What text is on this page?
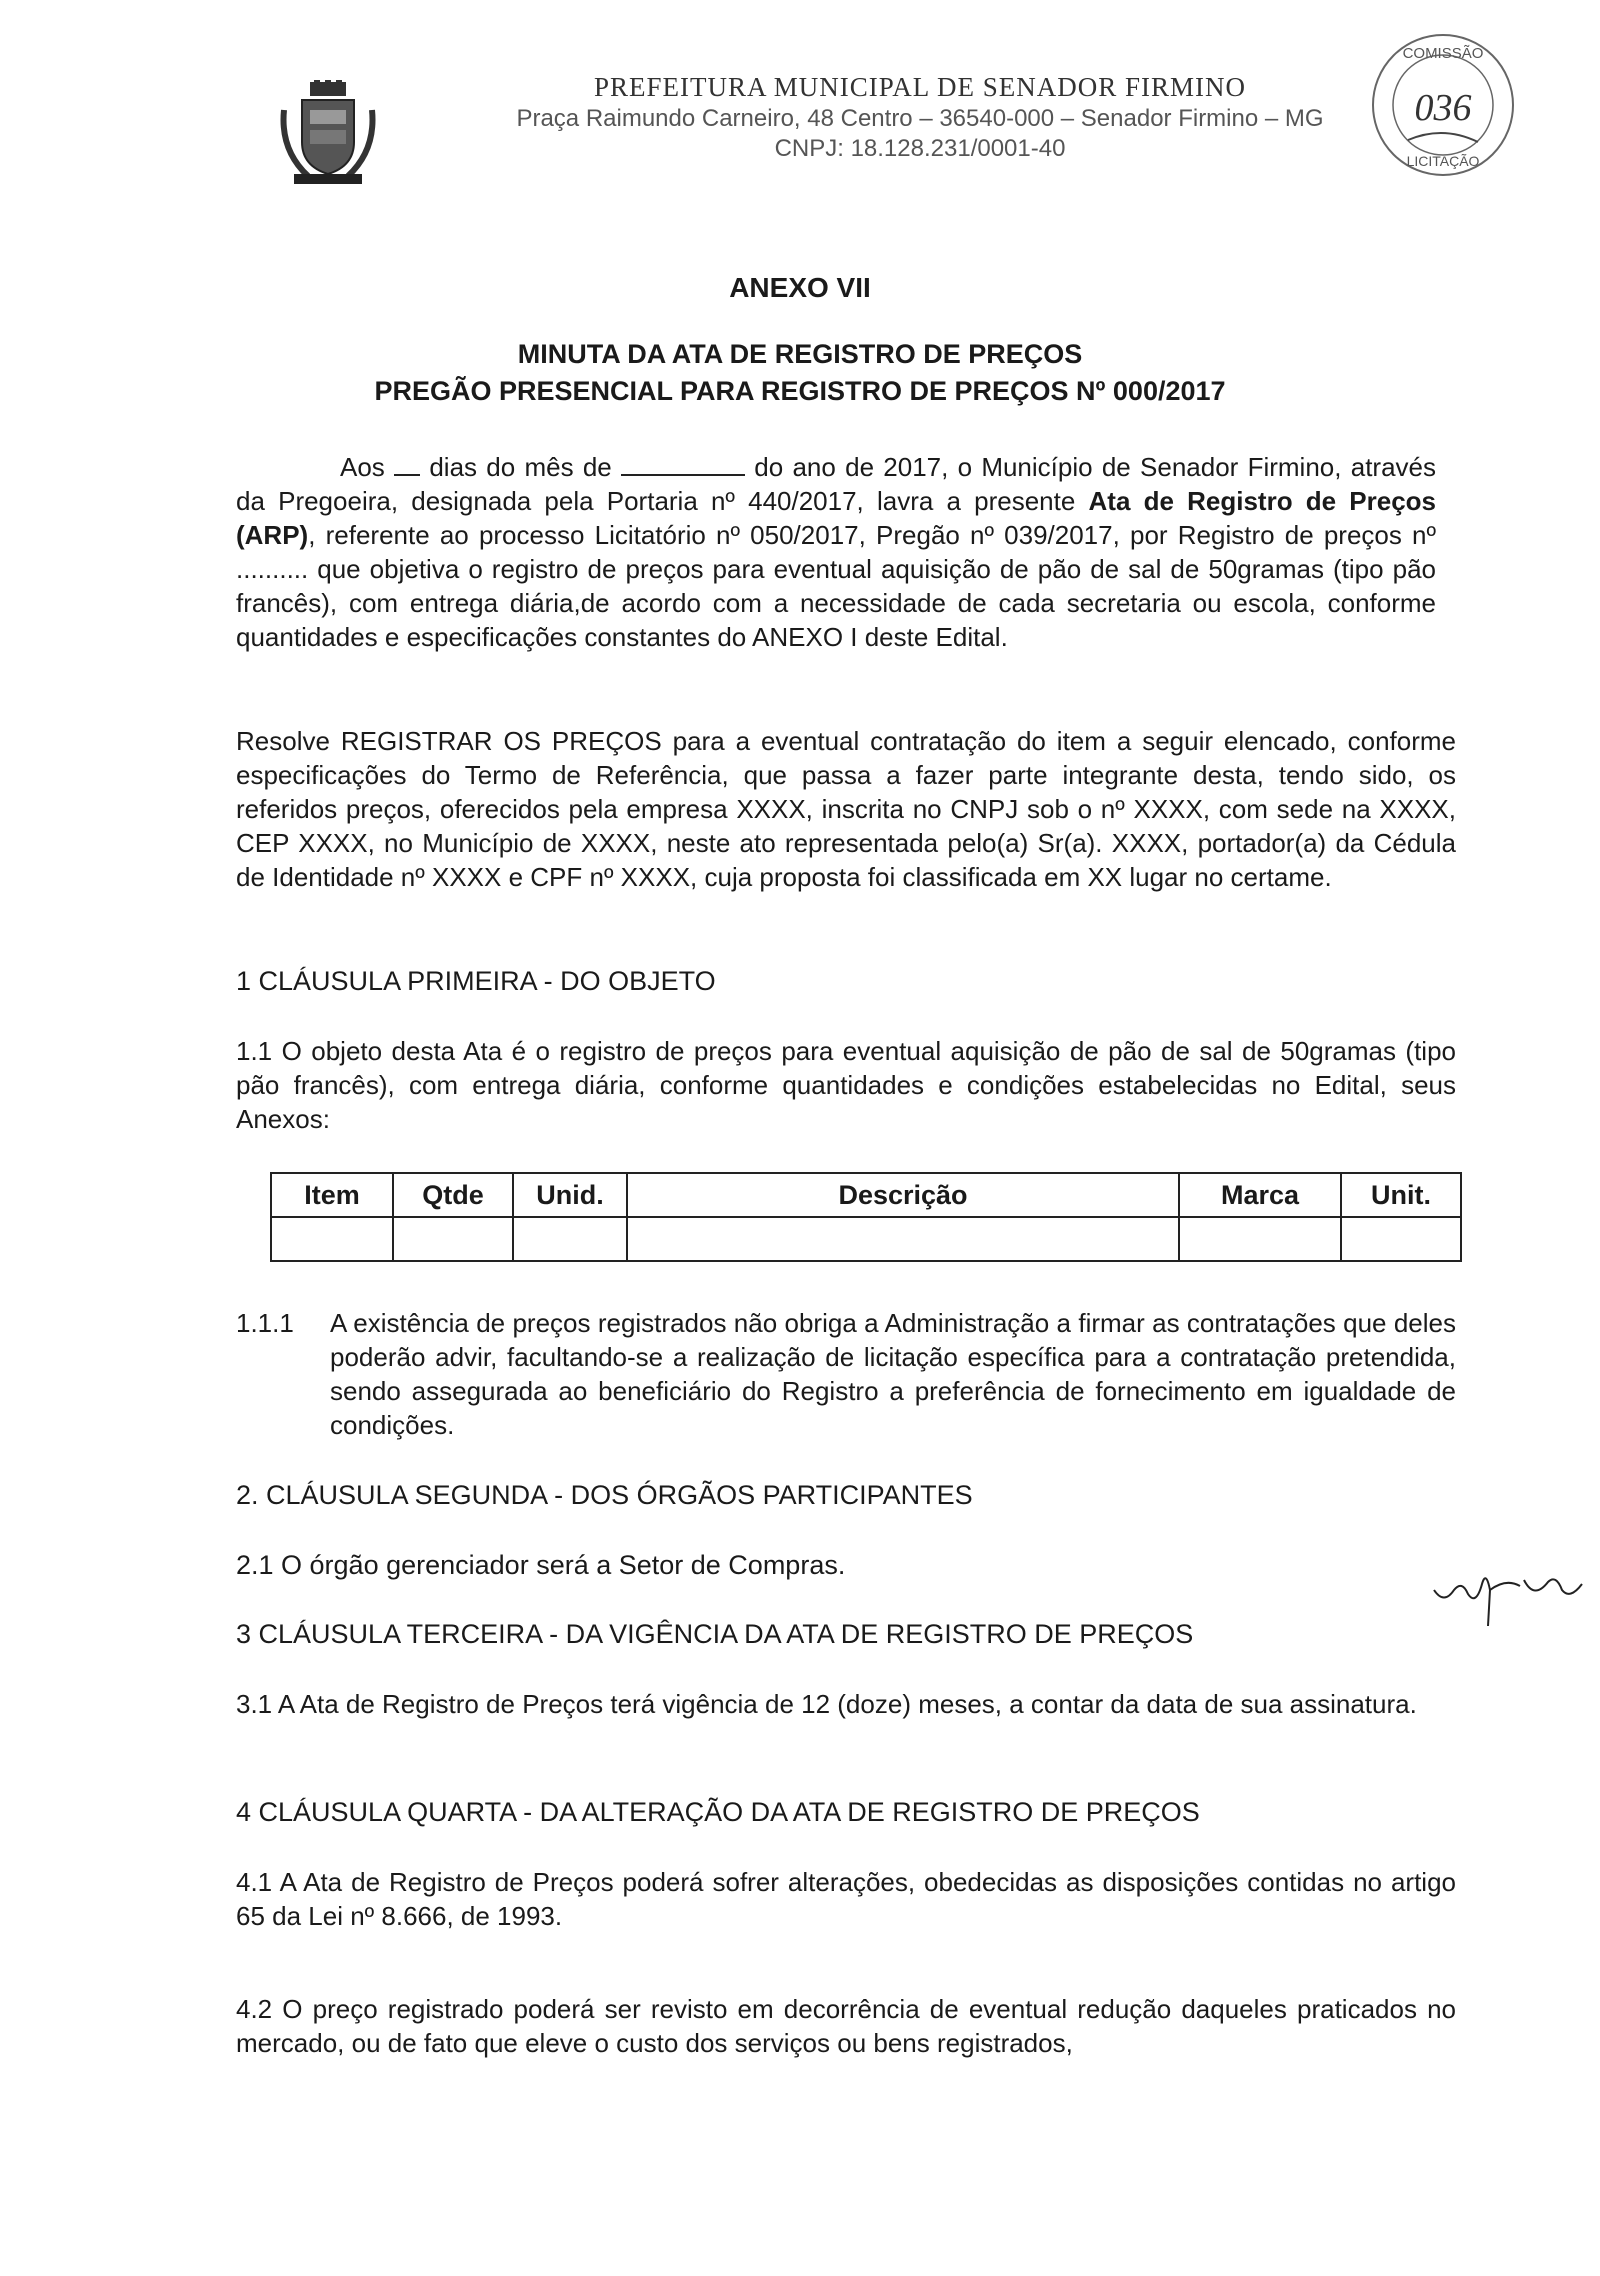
PREFEITURA MUNICIPAL DE SENADOR FIRMINO
Praça Raimundo Carneiro, 48 Centro – 36540-000 – Senador Firmino – MG
CNPJ: 18.128.231/0001-40
COMISSÃO
036
LICITAÇÃO
ANEXO VII
MINUTA DA ATA DE REGISTRO DE PREÇOS
PREGÃO PRESENCIAL PARA REGISTRO DE PREÇOS Nº 000/2017
Aos dias do mês de	do ano de 2017, o Município de Senador Firmino, através da Pregoeira, designada pela Portaria nº 440/2017, lavra a presente Ata de Registro de Preços (ARP), referente ao processo Licitatório nº 050/2017, Pregão nº 039/2017, por Registro de preços nº .......... que objetiva o registro de preços para eventual aquisição de pão de sal de 50gramas (tipo pão francês), com entrega diária,de acordo com a necessidade de cada secretaria ou escola, conforme quantidades e especificações constantes do ANEXO I deste Edital.
Resolve REGISTRAR OS PREÇOS para a eventual contratação do item a seguir elencado, conforme especificações do Termo de Referência, que passa a fazer parte integrante desta, tendo sido, os referidos preços, oferecidos pela empresa XXXX, inscrita no CNPJ sob o nº XXXX, com sede na XXXX, CEP XXXX, no Município de XXXX, neste ato representada pelo(a) Sr(a). XXXX, portador(a) da Cédula de Identidade nº XXXX e CPF nº XXXX, cuja proposta foi classificada em XX lugar no certame.
1 CLÁUSULA PRIMEIRA - DO OBJETO
1.1 O objeto desta Ata é o registro de preços para eventual aquisição de pão de sal de 50gramas (tipo pão francês), com entrega diária, conforme quantidades e condições estabelecidas no Edital, seus Anexos:
Item	Qtde	Unid.	Descrição	Marca	Unit.

1.1.1 A existência de preços registrados não obriga a Administração a firmar as contratações que deles poderão advir, facultando-se a realização de licitação específica para a contratação pretendida, sendo assegurada ao beneficiário do Registro a preferência de fornecimento em igualdade de condições.
2. CLÁUSULA SEGUNDA - DOS ÓRGÃOS PARTICIPANTES
2.1 O órgão gerenciador será a Setor de Compras.
3 CLÁUSULA TERCEIRA - DA VIGÊNCIA DA ATA DE REGISTRO DE PREÇOS
3.1 A Ata de Registro de Preços terá vigência de 12 (doze) meses, a contar da data de sua assinatura.
4 CLÁUSULA QUARTA - DA ALTERAÇÃO DA ATA DE REGISTRO DE PREÇOS
4.1 A Ata de Registro de Preços poderá sofrer alterações, obedecidas as disposições contidas no artigo 65 da Lei nº 8.666, de 1993.
4.2 O preço registrado poderá ser revisto em decorrência de eventual redução daqueles praticados no mercado, ou de fato que eleve o custo dos serviços ou bens registrados,
